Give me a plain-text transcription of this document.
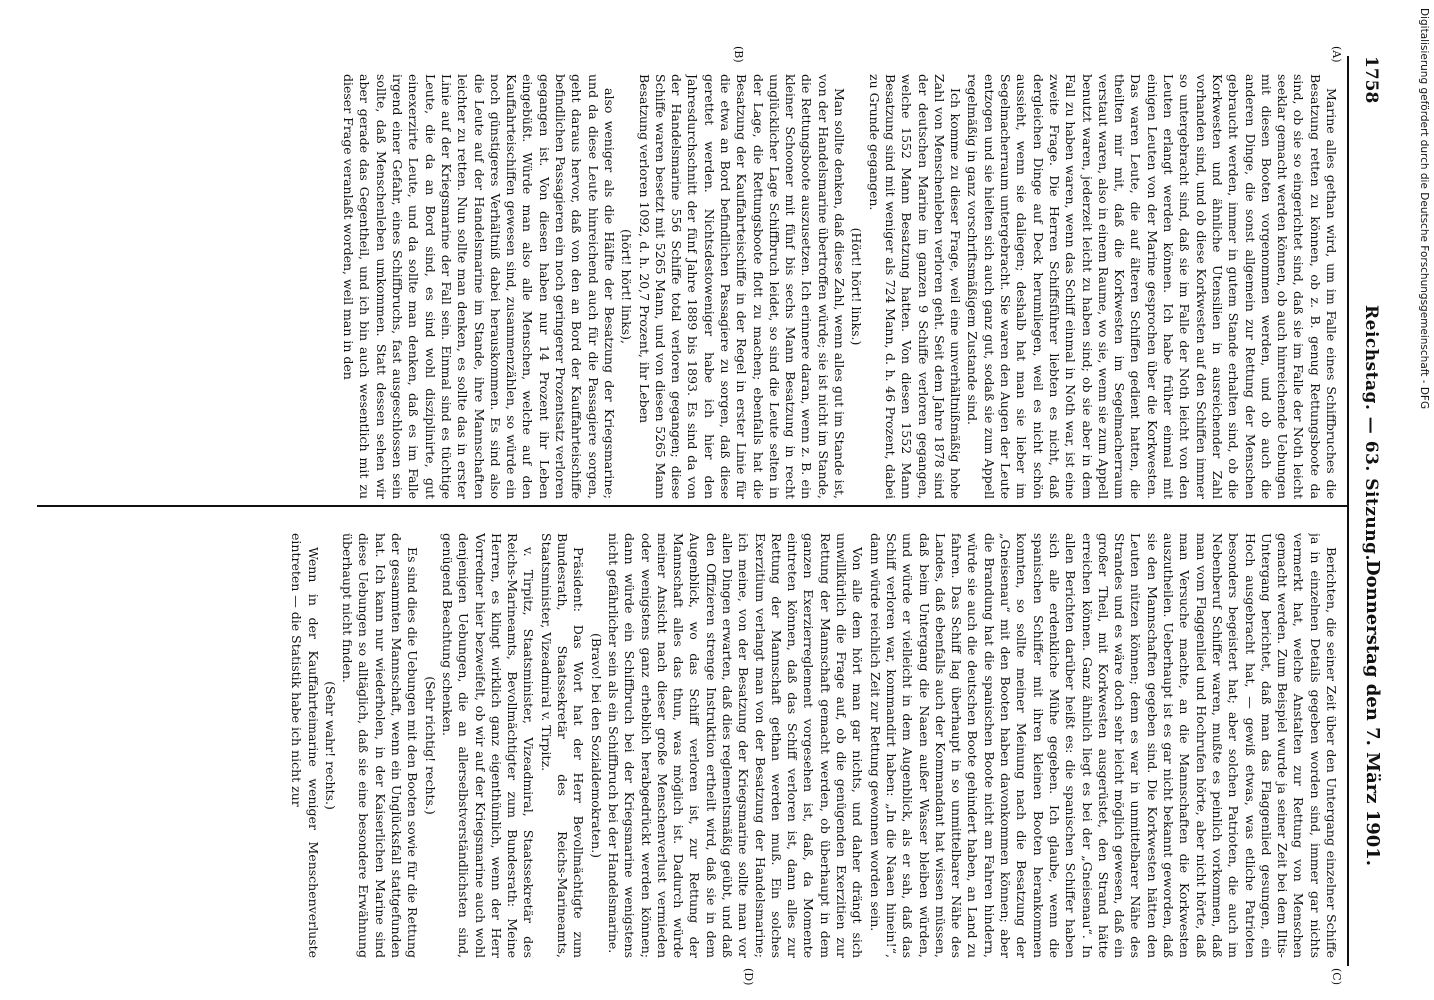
1758
Reichstag. — 63. Sitzung.
Donnerstag den 7. März 1901.
(A)
(B)
(C)
(D)

Marine alles gethan wird, um im Falle eines Schiffbruches die Besatzung retten zu können, ob z. B. genug Rettungsboote da sind, ob sie so eingerichtet sind, daß sie im Falle der Noth leicht seeklar gemacht werden können, ob auch hinreichende Uebungen mit diesen Booten vorgenommen werden, und ob auch die anderen Dinge, die sonst allgemein zur Rettung der Menschen gebraucht werden, immer in gutem Stande erhalten sind, ob die Korkwesten und ähnliche Utensilien in ausreichender Zahl vorhanden sind, und ob diese Korkwesten auf den Schiffen immer so untergebracht sind, daß sie im Falle der Noth leicht von den Leuten erlangt werden können. Ich habe früher einmal mit einigen Leuten von der Marine gesprochen über die Korkwesten. Das waren Leute, die auf älteren Schiffen gedient hatten, die theilten mir mit, daß die Korkwesten im Segelmacherraum verstaut waren, also in einem Raume, wo sie, wenn sie zum Appell benutzt waren, jederzeit leicht zu haben sind; ob sie aber in dem Fall zu haben waren, wenn das Schiff einmal in Noth war, ist eine zweite Frage. Die Herren Schiffsführer liebten es nicht, daß dergleichen Dinge auf Deck herumliegen, weil es nicht schön aussieht, wenn sie daliegen; deshalb hat man sie lieber im Segelmacherraum untergebracht. Sie waren den Augen der Leute entzogen und sie hielten sich auch ganz gut, sodaß sie zum Appell regelmäßig in ganz vorschriftsmäßigem Zustande sind.

Ich komme zu dieser Frage, weil eine unverhältnißmäßig hohe Zahl von Menschenleben verloren geht. Seit dem Jahre 1878 sind der deutschen Marine im ganzen 9 Schiffe verloren gegangen, welche 1552 Mann Besatzung hatten. Von diesen 1552 Mann Besatzung sind mit weniger als 724 Mann, d. h. 46 Prozent, dabei zu Grunde gegangen.

(Hört! hört! links.)

Man sollte denken, daß diese Zahl, wenn alles gut im Stande ist, von der Handelsmarine übertroffen würde; sie ist nicht im Stande, die Rettungsboote auszusetzen. Ich erinnere daran, wenn z. B. ein kleiner Schooner mit fünf bis sechs Mann Besatzung in recht unglücklicher Lage Schiffbruch leidet, so sind die Leute selten in der Lage, die Rettungsboote flott zu machen; ebenfalls hat die Besatzung der Kauffahrteischiffe in der Regel in erster Linie für die etwa an Bord befindlichen Passagiere zu sorgen, daß diese gerettet werden. Nichtsdestoweniger habe ich hier den Jahresdurchschnitt der fünf Jahre 1889 bis 1893. Es sind da von der Handelsmarine 556 Schiffe total verloren gegangen; diese Schiffe waren besetzt mit 5265 Mann, und von diesen 5265 Mann Besatzung verloren 1092, d. h. 20,7 Prozent, ihr Leben

(hört! hört! links),

also weniger als die Hälfte der Besatzung der Kriegsmarine; und da diese Leute hinreichend auch für die Passagiere sorgen, geht daraus hervor, daß von den an Bord der Kauffahrteischiffe befindlichen Passagieren ein noch geringerer Prozentsatz verloren gegangen ist. Von diesen haben nur 14 Prozent ihr Leben eingebüßt. Würde man also alle Menschen, welche auf den Kauffahrteischiffen gewesen sind, zusammenzählen, so würde ein noch günstigeres Verhältniß dabei herauskommen. Es sind also die Leute auf der Handelsmarine im Stande, ihre Mannschaften leichter zu retten. Nun sollte man denken, es sollte das in erster Linie auf der Kriegsmarine der Fall sein. Einmal sind es tüchtige Leute, die da an Bord sind, es sind wohl disziplinirte, gut einexerzirte Leute, und da sollte man denken, daß es im Falle irgend einer Gefahr, eines Schiffbruchs, fast ausgeschlossen sein sollte, daß Menschenleben umkommen. Statt dessen sehen wir aber gerade das Gegentheil, und ich bin auch wesentlich mit zu dieser Frage veranlaßt worden, weil man in den

Berichten, die seiner Zeit über den Untergang einzelner Schiffe ja in einzelnen Details gegeben worden sind, immer gar nichts vermerkt hat, welche Anstalten zur Rettung von Menschen gemacht werden. Zum Beispiel wurde ja seiner Zeit bei dem Iltis-Untergang berichtet, daß man das Flaggenlied gesungen, ein Hoch ausgebracht hat, — gewiß etwas, was etliche Patrioten besonders begeistert hat; aber solchen Patrioten, die auch im Nebenberuf Schiffer waren, mußte es peinlich vorkommen, daß man vom Flaggenlied und Hochrufen hörte, aber nicht hörte, daß man Versuche machte, an die Mannschaften die Korkwesten auszutheilen. Ueberhaupt ist es gar nicht bekannt geworden, daß sie den Mannschaften gegeben sind. Die Korkwesten hätten den Leuten nützen können; denn es war in unmittelbarer Nähe des Strandes und es wäre doch sehr leicht möglich gewesen, daß ein großer Theil, mit Korkwesten ausgerüstet, den Strand hätte erreichen können. Ganz ähnlich liegt es bei der „Gneisenau“. In allen Berichten darüber heißt es: die spanischen Schiffer haben sich alle erdenkliche Mühe gegeben. Ich glaube, wenn die spanischen Schiffer mit ihren kleinen Booten herankommen konnten, so sollte meiner Meinung nach die Besatzung der „Gneisenau“ mit den Booten haben davonkommen können; aber die Brandung hat die spanischen Boote nicht am Fahren hindern, würde sie auch die deutschen Boote gehindert haben, an Land zu fahren. Das Schiff lag überhaupt in so unmittelbarer Nähe des Landes, daß ebenfalls auch der Kommandant hat wissen müssen, daß beim Untergang die Naaen außer Wasser bleiben würden, und würde er vielleicht in dem Augenblick, als er sah, daß das Schiff verloren war, kommandirt haben: „In die Naaen hinein!“, dann würde reichlich Zeit zur Rettung gewonnen worden sein.

Von alle dem hört man gar nichts, und daher drängt sich unwillkürlich die Frage auf, ob die genügenden Exerzitien zur Rettung der Mannschaft gemacht werden, ob überhaupt in dem ganzen Exerzierreglement vorgesehen ist, daß, da Momente eintreten können, daß das Schiff verloren ist, dann alles zur Rettung der Mannschaft gethan werden muß. Ein solches Exerzitium verlangt man von der Besatzung der Handelsmarine; ich meine, von der Besatzung der Kriegsmarine sollte man vor allen Dingen erwarten, daß dies reglementsmäßig geübt, und daß den Offizieren strenge Instruktion ertheilt wird, daß sie in dem Augenblick, wo das Schiff verloren ist, zur Rettung der Mannschaft alles das thun, was möglich ist. Dadurch würde meiner Ansicht nach dieser große Menschenverlust vermieden oder wenigstens ganz erheblich herabgedrückt werden können; dann würde ein Schiffbruch bei der Kriegsmarine wenigstens nicht gefährlicher sein als ein Schiffbruch bei der Handelsmarine.

(Bravo! bei den Sozialdemokraten.)

Präsident: Das Wort hat der Herr Bevollmächtigte zum Bundesrath, Staatssekretär des Reichs-Marineamts, Staatsminister, Vizeadmiral v. Tirpitz.

v. Tirpitz, Staatsminister, Vizeadmiral, Staatssekretär des Reichs-Marineamts, Bevollmächtigter zum Bundesrath: Meine Herren, es klingt wirklich ganz eigenthümlich, wenn der Herr Vorredner hier bezweifelt, ob wir auf der Kriegsmarine auch wohl denjenigen Uebungen, die an allerselbstverständlichsten sind, genügend Beachtung schenken.

(Sehr richtig! rechts.)

Es sind dies die Uebungen mit den Booten sowie für die Rettung der gesammten Mannschaft, wenn ein Unglücksfall stattgefunden hat. Ich kann nur wiederholen, in der Kaiserlichen Marine sind diese Uebungen so alltäglich, daß sie eine besondere Erwähnung überhaupt nicht finden.

(Sehr wahr! rechts.)

Wenn in der Kauffahrteimarine weniger Menschenverluste eintreten — die Statistik habe ich nicht zur

Digitalisierung gefördert durch die Deutsche Forschungsgemeinschaft - DFG
